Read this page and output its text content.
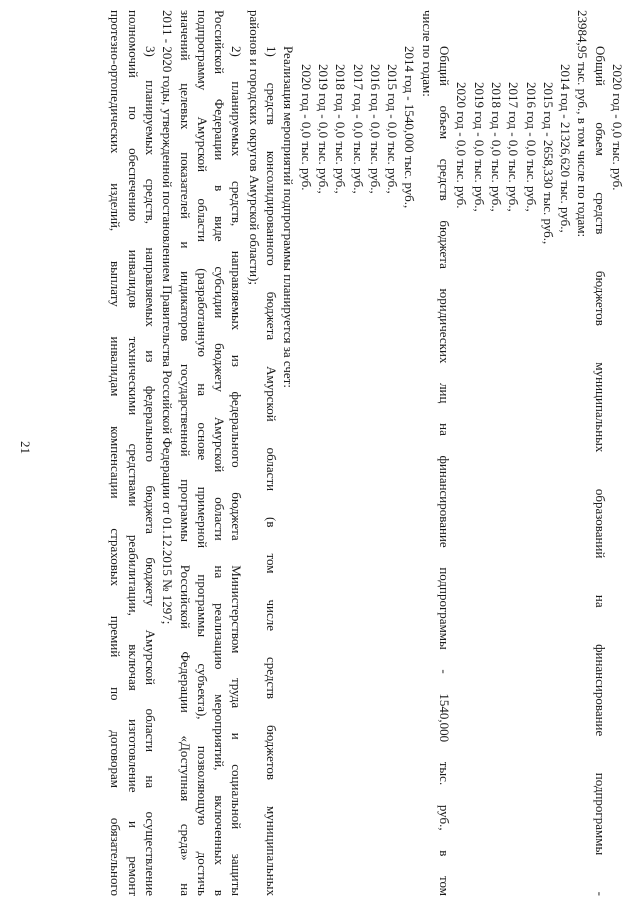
21
2020 год - 0,0 тыс. руб.
Общий объем средств бюджетов муниципальных образований на финансирование подпрограммы -
23984,95 тыс. руб., в том числе по годам:
2014 год - 21326,620 тыс. руб.,
2015 год - 2658,330 тыс. руб.,
2016 год - 0,0 тыс. руб.,
2017 год - 0,0 тыс. руб.,
2018 год - 0,0 тыс. руб.,
2019 год - 0,0 тыс. руб.,
2020 год - 0,0 тыс. руб.
Общий объем средств бюджета юридических лиц на финансирование подпрограммы - 1540,000 тыс. руб., в том
числе по годам:
2014 год - 1540,000 тыс. руб.,
2015 год - 0,0 тыс. руб.,
2016 год - 0,0 тыс. руб.,
2017 год - 0,0 тыс. руб.,
2018 год - 0,0 тыс. руб.,
2019 год - 0,0 тыс. руб.,
2020 год - 0,0 тыс. руб.
Реализация мероприятий подпрограммы планируется за счет:
1) средств консолидированного бюджета Амурской области (в том числе средств бюджетов муниципальных
районов и городских округов Амурской области);
2) планируемых средств, направляемых из федерального бюджета Министерством труда и социальной защиты
Российской Федерации в виде субсидии бюджету Амурской области на реализацию мероприятий, включенных в
подпрограмму Амурской области (разработанную на основе примерной программы субъекта), позволяющую достичь
значений целевых показателей и индикаторов государственной программы Российской Федерации «Доступная среда» на
2011 - 2020 годы, утвержденной постановлением Правительства Российской Федерации от 01.12.2015 № 1297;
3) планируемых средств, направляемых из федерального бюджета бюджету Амурской области на осуществление
полномочий по обеспечению инвалидов техническими средствами реабилитации, включая изготовление и ремонт
протезно-ортопедических изделий, выплату инвалидам компенсации страховых премий по договорам обязательного
